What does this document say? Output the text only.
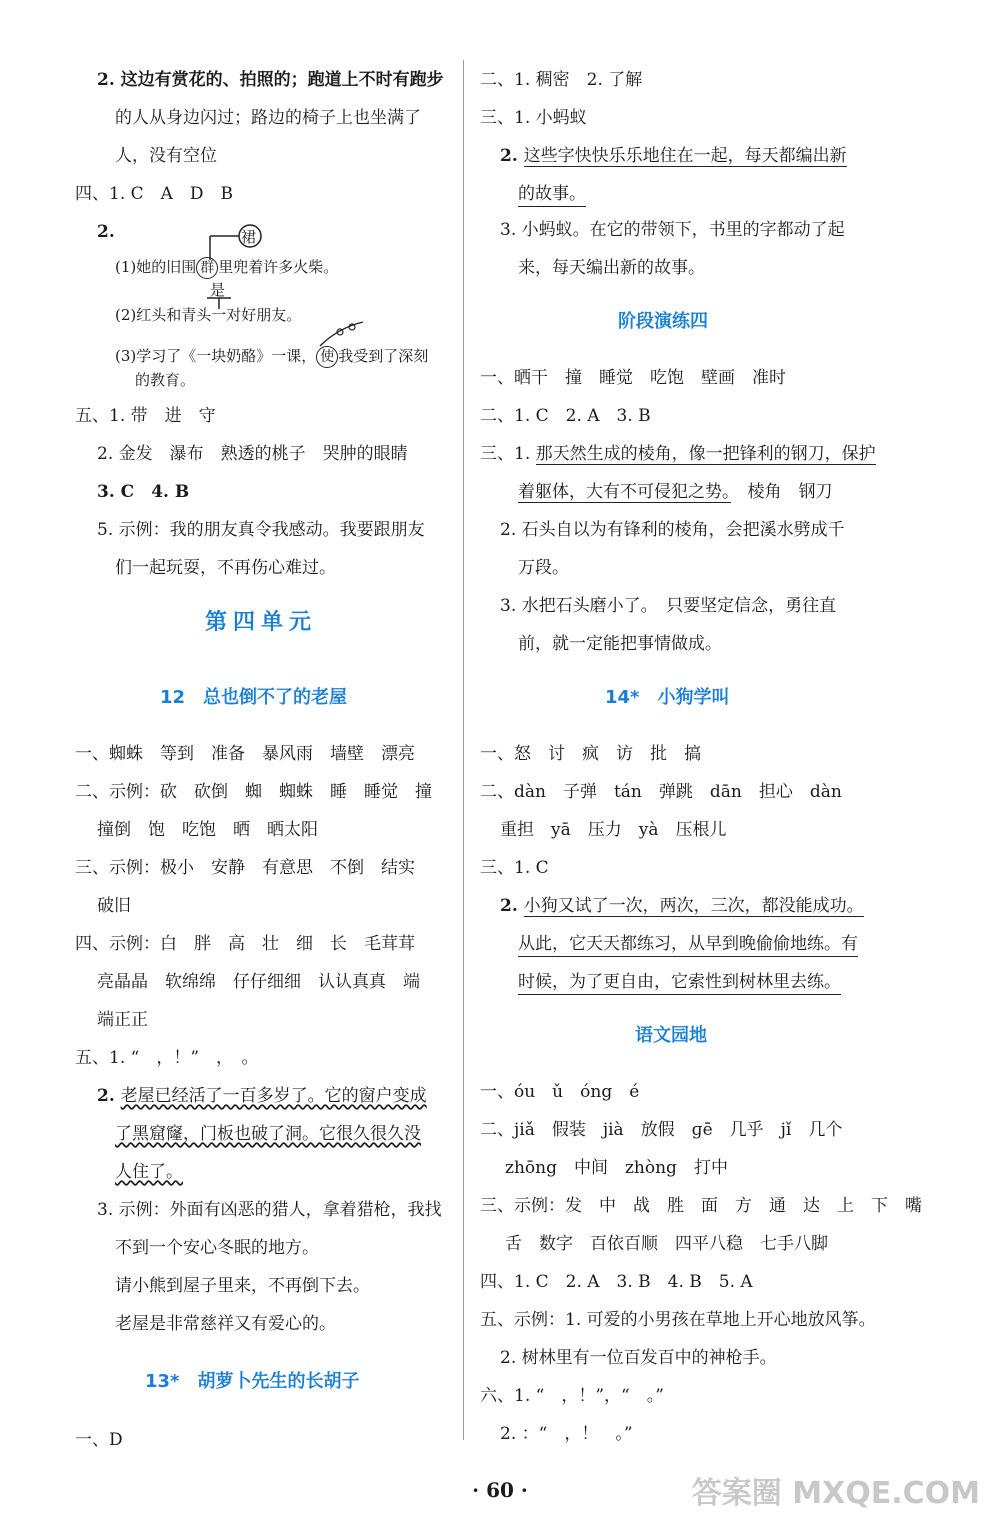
2. 这边有赏花的、拍照的；跑道上不时有跑步
的人从身边闪过；路边的椅子上也坐满了
人，没有空位
四、1. C　A　D　B
2.	裙
(1)她的旧围 群 里兜着许多火柴。
是
(2)红头和青头一对好朋友。
(3)学习了《一块奶酪》一课， 使 我受到了深刻
的教育。
五、1. 带　进　守
2. 金发　瀑布　熟透的桃子　哭肿的眼睛
3. C　4. B
5. 示例：我的朋友真令我感动。我要跟朋友
们一起玩耍，不再伤心难过。
第四单元
12　总也倒不了的老屋
一、蜘蛛　等到　准备　暴风雨　墙壁　漂亮
二、示例：砍　砍倒　蜘　蜘蛛　睡　睡觉　撞
撞倒　饱　吃饱　晒　晒太阳
三、示例：极小　安静　有意思　不倒　结实
破旧
四、示例：白　胖　高　壮　细　长　毛茸茸
亮晶晶　软绵绵　仔仔细细　认认真真　端
端正正
五、1. “　，！”　，　。
2. 老屋已经活了一百多岁了。它的窗户变成
了黑窟窿，门板也破了洞。它很久很久没
人住了。
3. 示例：外面有凶恶的猎人，拿着猎枪，我找
不到一个安心冬眠的地方。
请小熊到屋子里来，不再倒下去。
老屋是非常慈祥又有爱心的。
13*　胡萝卜先生的长胡子
一、D
二、1. 稠密　2. 了解
三、1. 小蚂蚁
2. 这些字快快乐乐地住在一起，每天都编出新
的故事。
3. 小蚂蚁。在它的带领下，书里的字都动了起
来，每天编出新的故事。
阶段演练四
一、晒干　撞　睡觉　吃饱　壁画　准时
二、1. C　2. A　3. B
三、1. 那天然生成的棱角，像一把锋利的钢刀，保护
着躯体，大有不可侵犯之势。　棱角　钢刀
2. 石头自以为有锋利的棱角，会把溪水劈成千
万段。
3. 水把石头磨小了。　只要坚定信念，勇往直
前，就一定能把事情做成。
14*　小狗学叫
一、怒　讨　疯　访　批　搞
二、dàn　子弹　tán　弹跳　dān　担心　dàn
重担　yā　压力　yà　压根儿
三、1. C
2. 小狗又试了一次，两次，三次，都没能成功。
从此，它天天都练习，从早到晚偷偷地练。有
时候，为了更自由，它索性到树林里去练。
语文园地
一、óu　ǔ　óng　é
二、jiǎ　假装　jià　放假　ɡē　几乎　jǐ　几个
zhōng　中间　zhòng　打中
三、示例：发　中　战　胜　面　方　通　达　上　下　嘴
舌　数字　百依百顺　四平八稳　七手八脚
四、1. C　2. A　3. B　4. B　5. A
五、示例：1. 可爱的小男孩在草地上开心地放风筝。
2. 树林里有一位百发百中的神枪手。
六、1. “　，！”，“　。”
2. ：“　，！　。”
· 60 ·	答案圈 MXQE.COM
